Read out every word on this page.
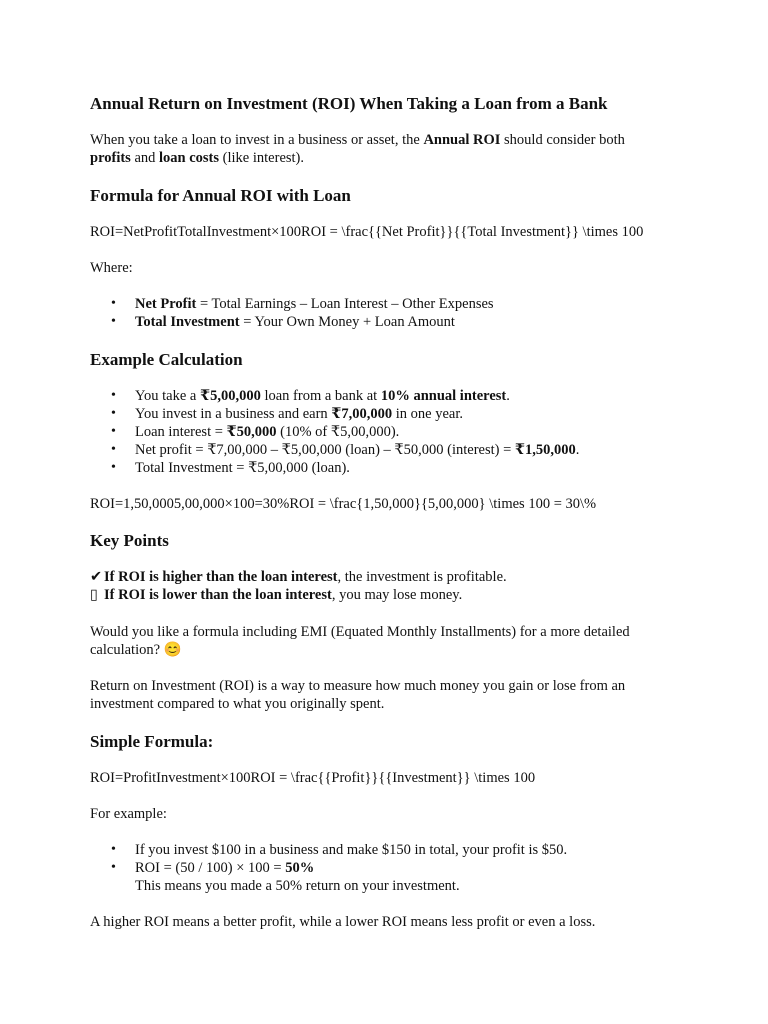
Annual Return on Investment (ROI) When Taking a Loan from a Bank

When you take a loan to invest in a business or asset, the Annual ROI should consider both
profits and loan costs (like interest).

Formula for Annual ROI with Loan

ROI=NetProfitTotalInvestment×100ROI = \frac{{Net Profit}}{{Total Investment}} \times 100

Where:

• Net Profit = Total Earnings – Loan Interest – Other Expenses
• Total Investment = Your Own Money + Loan Amount
Example Calculation
• You take a ₹5,00,000 loan from a bank at 10% annual interest.
• You invest in a business and earn ₹7,00,000 in one year.
• Loan interest = ₹50,000 (10% of ₹5,00,000).
• Net profit = ₹7,00,000 – ₹5,00,000 (loan) – ₹50,000 (interest) = ₹1,50,000.
• Total Investment = ₹5,00,000 (loan).

ROI=1,50,0005,00,000×100=30%ROI = \frac{1,50,000}{5,00,000} \times 100 = 30\%

Key Points

✔ If ROI is higher than the loan interest, the investment is profitable.
▯ If ROI is lower than the loan interest, you may lose money.

Would you like a formula including EMI (Equated Monthly Installments) for a more detailed calculation? 😊

Return on Investment (ROI) is a way to measure how much money you gain or lose from an investment compared to what you originally spent.

Simple Formula:

ROI=ProfitInvestment×100ROI = \frac{{Profit}}{{Investment}} \times 100

For example:

• If you invest $100 in a business and make $150 in total, your profit is $50.
• ROI = (50 / 100) × 100 = 50%
This means you made a 50% return on your investment.

A higher ROI means a better profit, while a lower ROI means less profit or even a loss.
